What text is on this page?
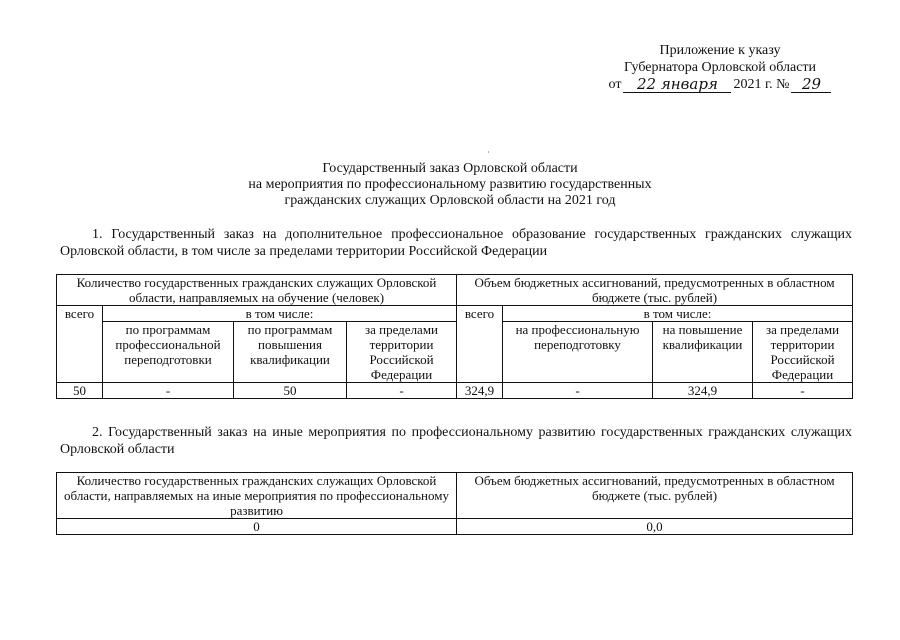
Приложение к указу
Губернатора Орловской области
от	22 января	2021 г. № 29
·
Государственный заказ Орловской области
на мероприятия по профессиональному развитию государственных
гражданских служащих Орловской области на 2021 год
1. Государственный заказ на дополнительное профессиональное образование государственных гражданских служащих Орловской области, в том числе за пределами территории Российской Федерации
Количество государственных гражданских служащих Орловской области, направляемых на обучение (человек)				Объем бюджетных ассигнований, предусмотренных в областном бюджете (тыс. рублей)			
всего	в том числе:			всего	в том числе:		
	по программам профессиональной переподготовки	по программам повышения квалификации	за пределами территории Российской Федерации		на профессиональную переподготовку	на повышение квалификации	за пределами территории Российской Федерации
50	-	50	-	324,9	-	324,9	-
2. Государственный заказ на иные мероприятия по профессиональному развитию государственных гражданских служащих Орловской области
Количество государственных гражданских служащих Орловской области, направляемых на иные мероприятия по профессиональному развитию	Объем бюджетных ассигнований, предусмотренных в областном бюджете (тыс. рублей)
0	0,0
